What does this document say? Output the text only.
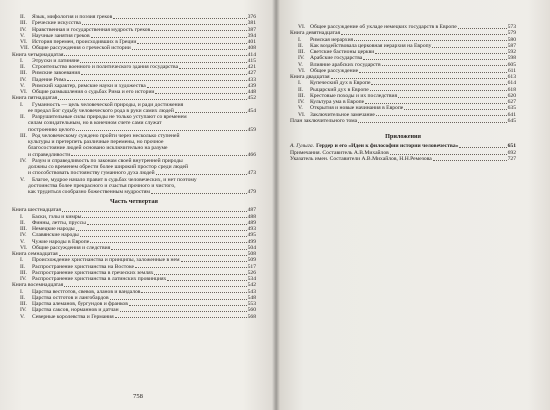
II.	Язык, мифология и поэзия греков	376
III. Греческие искусства	381
IV. Нравственная и государственная мудрость греков	387
V.	Научные занятия греков	394
VI. История перемен, происходивших в Греции	401
VII. Общие рассуждения о греческой истории	408
Книга четырнадцатая	414
I.	Этруски и латиняне	415
II.	Строительство военного и политического здания государства	421
III. Римские завоевания	427
IV. Падение Рима	433
V.	Римский характер, римские науки и художества	439
VI. Общие размышления о судьбах Рима и его истории	448
Книга пятнадцатая	452
I.	Гуманность — цель человеческой природы, и ради достижения
ее предал Бог судьбу человеческого рода в руки самих людей	454
II.	Разрушительные силы природы не только уступают со временем
силам созидательным, но в конечном счете сами служат
построению целого	459
III. Род человеческому суждено пройти через несколько ступеней
культуры и претерпеть различные перемены, но прочное
благосостояние людей основано исключительно на разуме
и справедливости	466
IV. Разум и справедливость по законам своей внутренней природы
должны со временем обрести более широкий простор среди людей
и способствовать постоянству гуманного духа людей	473
V.	Благое, мудрое начало правит в судьбах человеческих, и нет поэтому
достоинства более прекрасного и счастья прочного и чистого,
как трудиться сообразно божественным мудростям	479
Часть четвертая
Книга шестнадцатая	487
I.	Баски, гэлы и кимры	488
II.	Финны, летты, пруссы	489
III. Немецкие народы	493
IV. Славянские народы	495
V.	Чужие народы в Европе	499
VI. Общие рассуждения и следствия	504
Книга семнадцатая	508
I.	Происхождение христианства и принципы, заложенные в нем	509
II.	Распространение христианства на Востоке	517
III. Распространение христианства в греческих землях	526
IV. Распространение христианства в латинских провинциях	534
Книга восемнадцатая	542
I.	Царства вестготов, свевов, аланов и вандалов	543
II.	Царства остготов и лангобардов	548
III. Царства алеманов, бургундов и франков	553
IV. Царства саксов, норманнов и датчан	560
V.	Северные королевства и Германия	568
758
VI. Общее рассуждение об укладе немецких государств в Европе	573
Книга девятнадцатая	579
I.	Римская иерархия	580
II.	Как воздействовала церковная иерархия на Европу	587
III. Светские бастионы церкви	592
IV. Арабские государства	598
V.	Влияние арабских государств	605
VI. Общее рассуждение	611
Книга двадцатая	613
I.	Купеческий дух в Европе	614
II.	Рыцарский дух в Европе	618
III. Крестовые походы и их последствия	620
IV. Культура ума в Европе	627
V.	Открытия и новые начинания в Европе	635
VI. Заключительное замечание	641
План заключительного тома	645
Приложения
А. Гулыга. Гердер и его «Идеи к философии истории человечества»	651
Примечания. Составитель А.В.Михайлов	692
Указатель имен. Составители А.В.Михайлов, Н.Н.Ремезова	727
